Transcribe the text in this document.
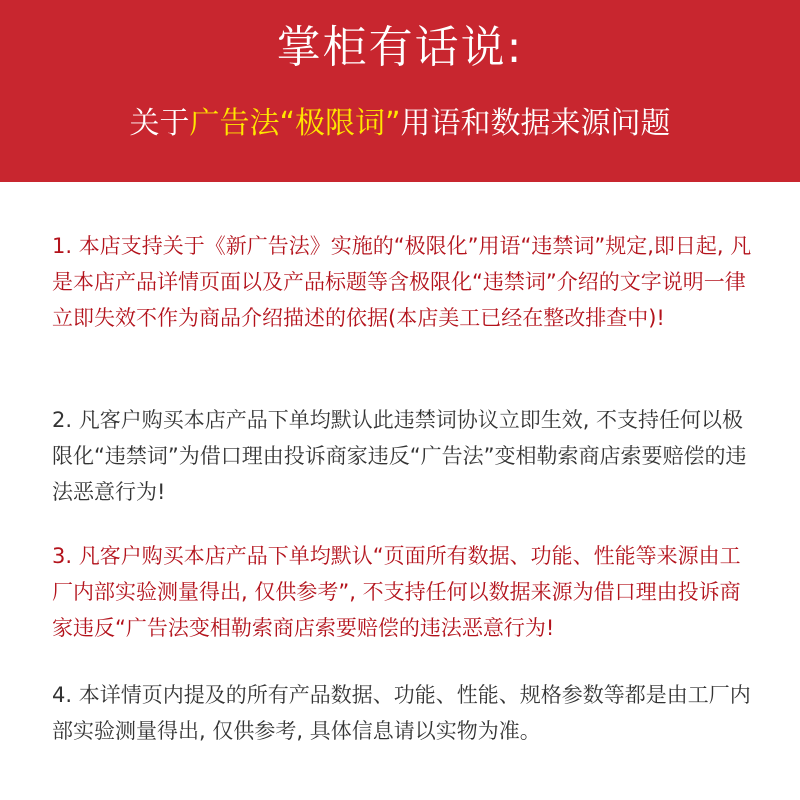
掌柜有话说:
关于广告法“极限词”用语和数据来源问题

1. 本店支持关于《新广告法》实施的“极限化”用语“违禁词”规定,即日起, 凡是本店产品详情页面以及产品标题等含极限化“违禁词”介绍的文字说明一律立即失效不作为商品介绍描述的依据(本店美工已经在整改排查中)!

2. 凡客户购买本店产品下单均默认此违禁词协议立即生效, 不支持任何以极限化“违禁词”为借口理由投诉商家违反“广告法”变相勒索商店索要赔偿的违法恶意行为!

3. 凡客户购买本店产品下单均默认“页面所有数据、功能、性能等来源由工厂内部实验测量得出, 仅供参考”, 不支持任何以数据来源为借口理由投诉商家违反“广告法变相勒索商店索要赔偿的违法恶意行为!

4. 本详情页内提及的所有产品数据、功能、性能、规格参数等都是由工厂内部实验测量得出, 仅供参考, 具体信息请以实物为准。
